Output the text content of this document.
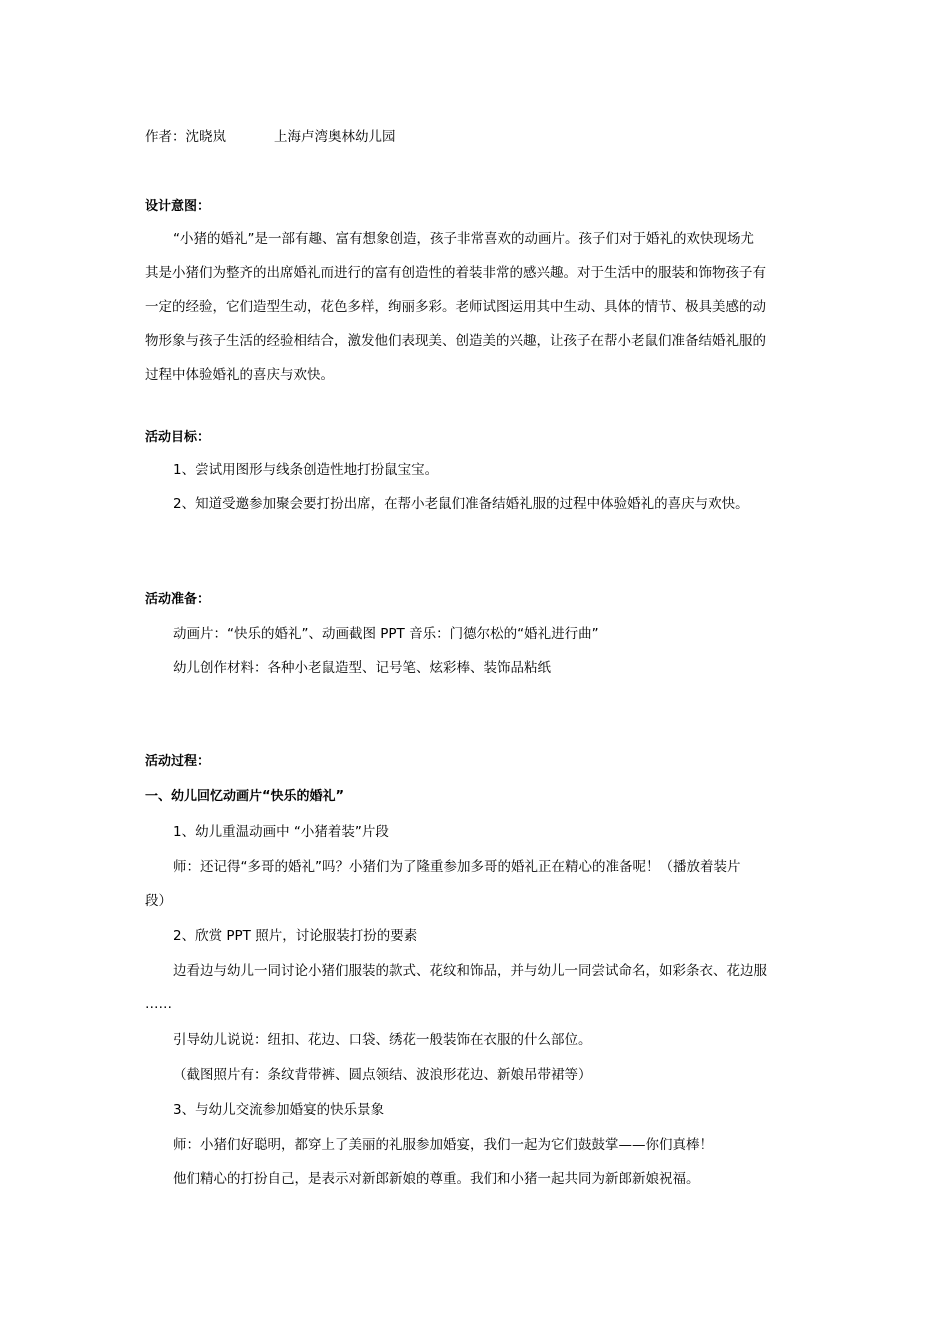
作者：沈晓岚	上海卢湾奥林幼儿园
设计意图：
“小猪的婚礼”是一部有趣、富有想象创造，孩子非常喜欢的动画片。孩子们对于婚礼的欢快现场尤
其是小猪们为整齐的出席婚礼而进行的富有创造性的着装非常的感兴趣。对于生活中的服装和饰物孩子有
一定的经验，它们造型生动，花色多样，绚丽多彩。老师试图运用其中生动、具体的情节、极具美感的动
物形象与孩子生活的经验相结合，激发他们表现美、创造美的兴趣，让孩子在帮小老鼠们准备结婚礼服的
过程中体验婚礼的喜庆与欢快。
活动目标：
1、尝试用图形与线条创造性地打扮鼠宝宝。
2、知道受邀参加聚会要打扮出席，在帮小老鼠们准备结婚礼服的过程中体验婚礼的喜庆与欢快。
活动准备：
动画片：“快乐的婚礼”、动画截图 PPT 音乐：门德尔松的“婚礼进行曲”
幼儿创作材料：各种小老鼠造型、记号笔、炫彩棒、装饰品粘纸
活动过程：
一、幼儿回忆动画片“快乐的婚礼”
1、幼儿重温动画中 “小猪着装”片段
师：还记得“多哥的婚礼”吗？小猪们为了隆重参加多哥的婚礼正在精心的准备呢！（播放着装片
段）
2、欣赏 PPT 照片，讨论服装打扮的要素
边看边与幼儿一同讨论小猪们服装的款式、花纹和饰品，并与幼儿一同尝试命名，如彩条衣、花边服
……
引导幼儿说说：纽扣、花边、口袋、绣花一般装饰在衣服的什么部位。
（截图照片有：条纹背带裤、圆点领结、波浪形花边、新娘吊带裙等）
3、与幼儿交流参加婚宴的快乐景象
师：小猪们好聪明，都穿上了美丽的礼服参加婚宴，我们一起为它们鼓鼓掌——你们真棒！
他们精心的打扮自己，是表示对新郎新娘的尊重。我们和小猪一起共同为新郎新娘祝福。
